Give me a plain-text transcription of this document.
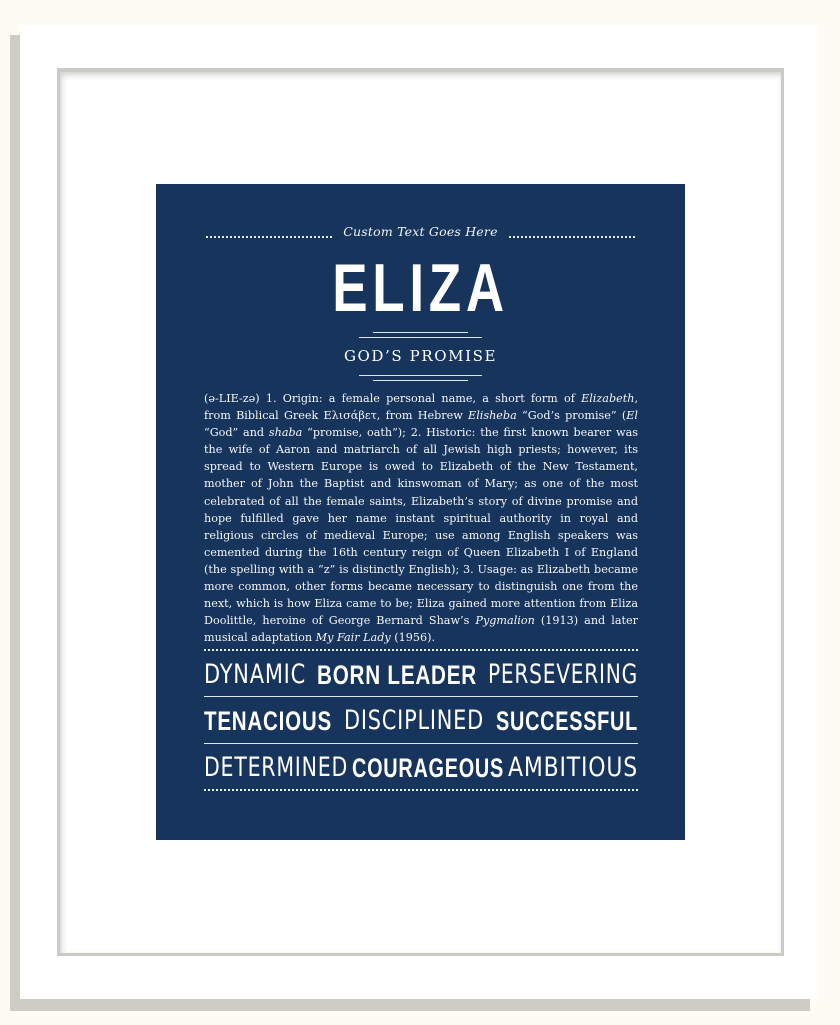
Custom Text Goes Here
ELIZA
GOD’S PROMISE
(ə-LIE-zə) 1. Origin: a female personal name, a short form of Elizabeth, from Biblical Greek Ελισάβετ, from Hebrew Elisheba “God’s promise” (El “God” and shaba “promise, oath”); 2. Historic: the first known bearer was the wife of Aaron and matriarch of all Jewish high priests; however, its spread to Western Europe is owed to Elizabeth of the New Testament, mother of John the Baptist and kinswoman of Mary; as one of the most celebrated of all the female saints, Elizabeth’s story of divine promise and hope fulfilled gave her name instant spiritual authority in royal and religious circles of medieval Europe; use among English speakers was cemented during the 16th century reign of Queen Elizabeth I of England (the spelling with a “z” is distinctly English); 3. Usage: as Elizabeth became more common, other forms became necessary to distinguish one from the next, which is how Eliza came to be; Eliza gained more attention from Eliza Doolittle, heroine of George Bernard Shaw’s Pygmalion (1913) and later musical adaptation My Fair Lady (1956).
DYNAMIC BORN LEADER PERSEVERING
TENACIOUS DISCIPLINED SUCCESSFUL
DETERMINED COURAGEOUS AMBITIOUS
